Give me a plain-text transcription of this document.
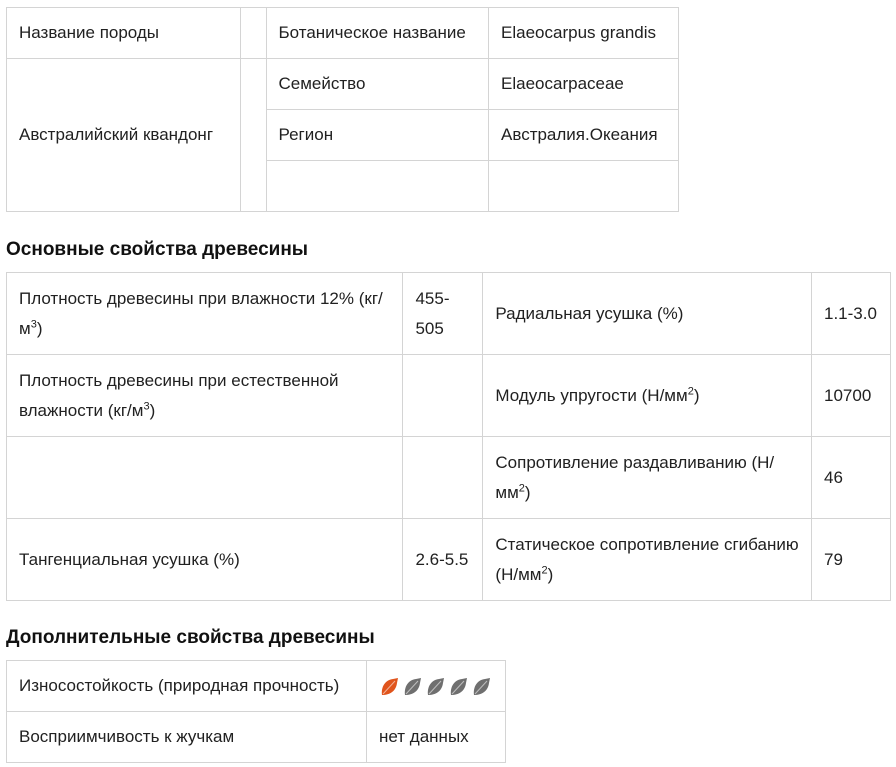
Название породы		Ботаническое название	Elaeocarpus grandis
Австралийский квандонг		Семейство	Elaeocarpaceae
		Регион	Австралия.Океания

Основные свойства древесины
Плотность древесины при влажности 12% $(кг/м^3)$	455-505	Радиальная усушка (%)	1.1-3.0
Плотность древесины при естественной влажности $(кг/м^3)$		Модуль упругости $(Н/мм^2)$	10700
		Сопротивление раздавливанию $(Н/мм^2)$	46
Тангенциальная усушка (%)	2.6-5.5	Статическое сопротивление сгибанию $(Н/мм^2)$	79
Дополнительные свойства древесины
Износостойкость (природная прочность)	

Восприимчивость к жучкам	нет данных
